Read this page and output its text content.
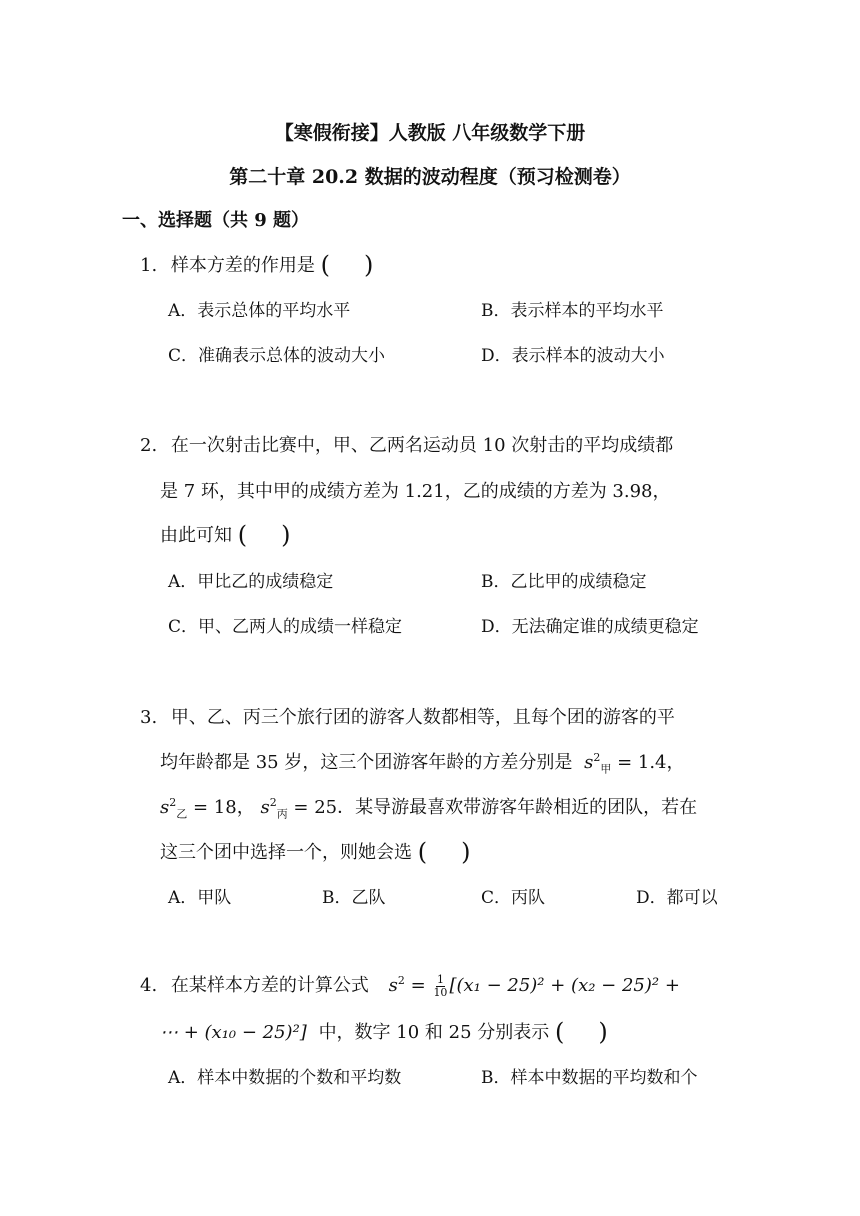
【寒假衔接】人教版 八年级数学下册
第二十章 20.2 数据的波动程度（预习检测卷）
一、选择题（共 9 题）
1. 样本方差的作用是 ( )
A．表示总体的平均水平	B．表示样本的平均水平
C．准确表示总体的波动大小	D．表示样本的波动大小
2. 在一次射击比赛中，甲、乙两名运动员 10 次射击的平均成绩都
是 7 环，其中甲的成绩方差为 1.21，乙的成绩的方差为 3.98，
由此可知 ( )
A．甲比乙的成绩稳定	B．乙比甲的成绩稳定
C．甲、乙两人的成绩一样稳定	D．无法确定谁的成绩更稳定
3. 甲、乙、丙三个旅行团的游客人数都相等，且每个团的游客的平
均年龄都是 35 岁，这三个团游客年龄的方差分别是 $s^2_甲 = 1.4$，
$s^2_乙 = 18$， $s^2_丙 = 25$．某导游最喜欢带游客年龄相近的团队，若在
这三个团中选择一个，则她会选 ( )
A．甲队	B．乙队	C．丙队	D．都可以
4. 在某样本方差的计算公式 $s^2 = \frac{1}{10} [(x_1 - 25)^2 + (x_2 - 25)^2$ +
⋯ + (x₁₀ − 25)²] 中，数字 10 和 25 分别表示 ( )
A．样本中数据的个数和平均数	B．样本中数据的平均数和个
